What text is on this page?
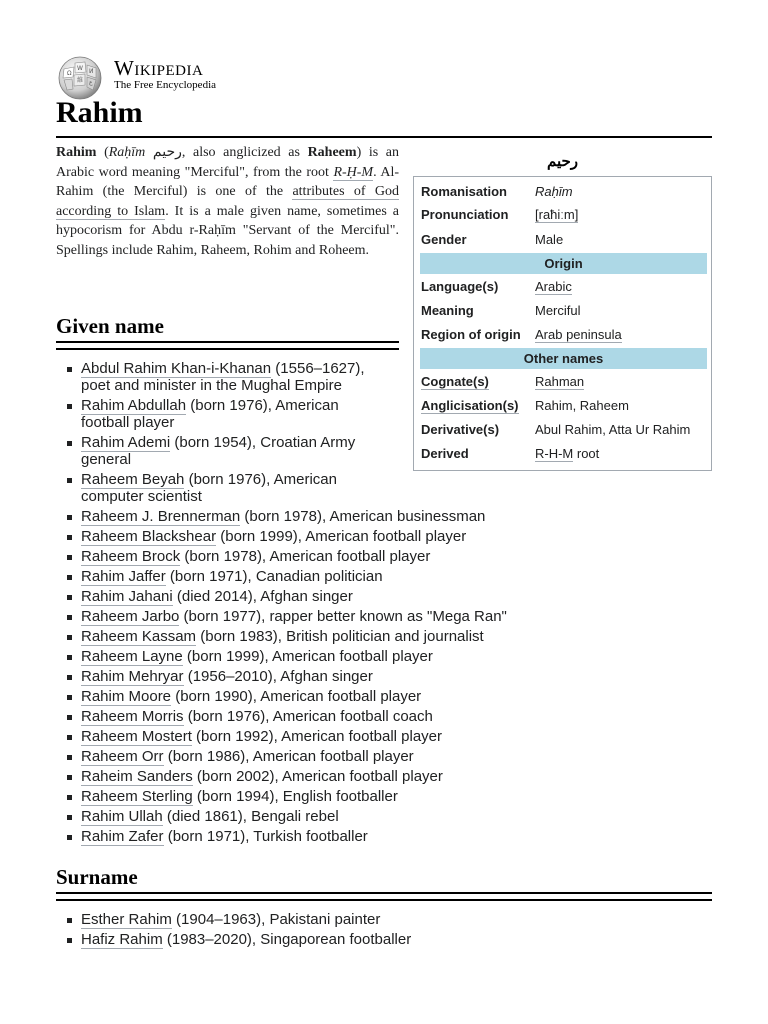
Ω
W И
維 ع
Wikipedia
The Free Encyclopedia
Rahim

Rahim (Raḥīm رحيم, also anglicized as Raheem) is an Arabic word meaning "Merciful", from the root R-Ḥ-M. Al-Rahim (the Merciful) is one of the attributes of God according to Islam. It is a male given name, sometimes a hypocorism for Abdu r-Raḥīm "Servant of the Merciful". Spellings include Rahim, Raheem, Rohim and Roheem.

رحيم
Romanisation Raḥīm
Pronunciation [raħiːm]
Gender	Male
Origin
Language(s)	Arabic
Meaning	Merciful
Region of origin Arab peninsula
Other names
Cognate(s)	Rahman
Anglicisation(s) Rahim, Raheem
Derivative(s)	Abul Rahim, Atta Ur Rahim
Derived	R-H-M root
Given name
Abdul Rahim Khan-i-Khanan (1556–1627), poet and minister in the Mughal Empire
Rahim Abdullah (born 1976), American football player
Rahim Ademi (born 1954), Croatian Army general
Raheem Beyah (born 1976), American computer scientist
Raheem J. Brennerman (born 1978), American businessman
Raheem Blackshear (born 1999), American football player
Raheem Brock (born 1978), American football player
Rahim Jaffer (born 1971), Canadian politician
Rahim Jahani (died 2014), Afghan singer
Raheem Jarbo (born 1977), rapper better known as "Mega Ran"
Raheem Kassam (born 1983), British politician and journalist
Raheem Layne (born 1999), American football player
Rahim Mehryar (1956–2010), Afghan singer
Rahim Moore (born 1990), American football player
Raheem Morris (born 1976), American football coach
Raheem Mostert (born 1992), American football player
Raheem Orr (born 1986), American football player
Raheim Sanders (born 2002), American football player
Raheem Sterling (born 1994), English footballer
Rahim Ullah (died 1861), Bengali rebel
Rahim Zafer (born 1971), Turkish footballer
Surname
Esther Rahim (1904–1963), Pakistani painter
Hafiz Rahim (1983–2020), Singaporean footballer
